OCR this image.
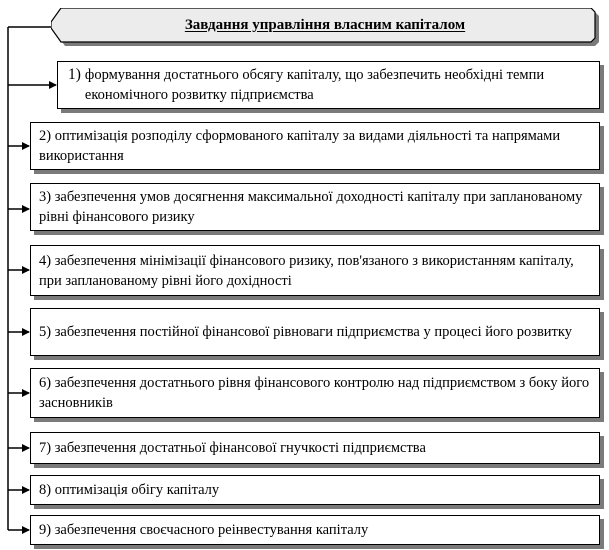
Завдання управління власним капіталом
1) формування достатнього обсягу капіталу, що забезпечить необхідні темпи економічного розвитку підприємства
2) оптимізація розподілу сформованого капіталу за видами діяльності та напрямами використання
3) забезпечення умов досягнення максимальної доходності капіталу при запланованому рівні фінансового ризику
4) забезпечення мінімізації фінансового ризику, пов'язаного з використанням капіталу, при запланованому рівні його дохідності
5) забезпечення постійної фінансової рівноваги підприємства у процесі його розвитку
6) забезпечення достатнього рівня фінансового контролю над підприємством з боку його засновників
7) забезпечення достатньої фінансової гнучкості підприємства
8) оптимізація обігу капіталу
9) забезпечення своєчасного реінвестування капіталу
